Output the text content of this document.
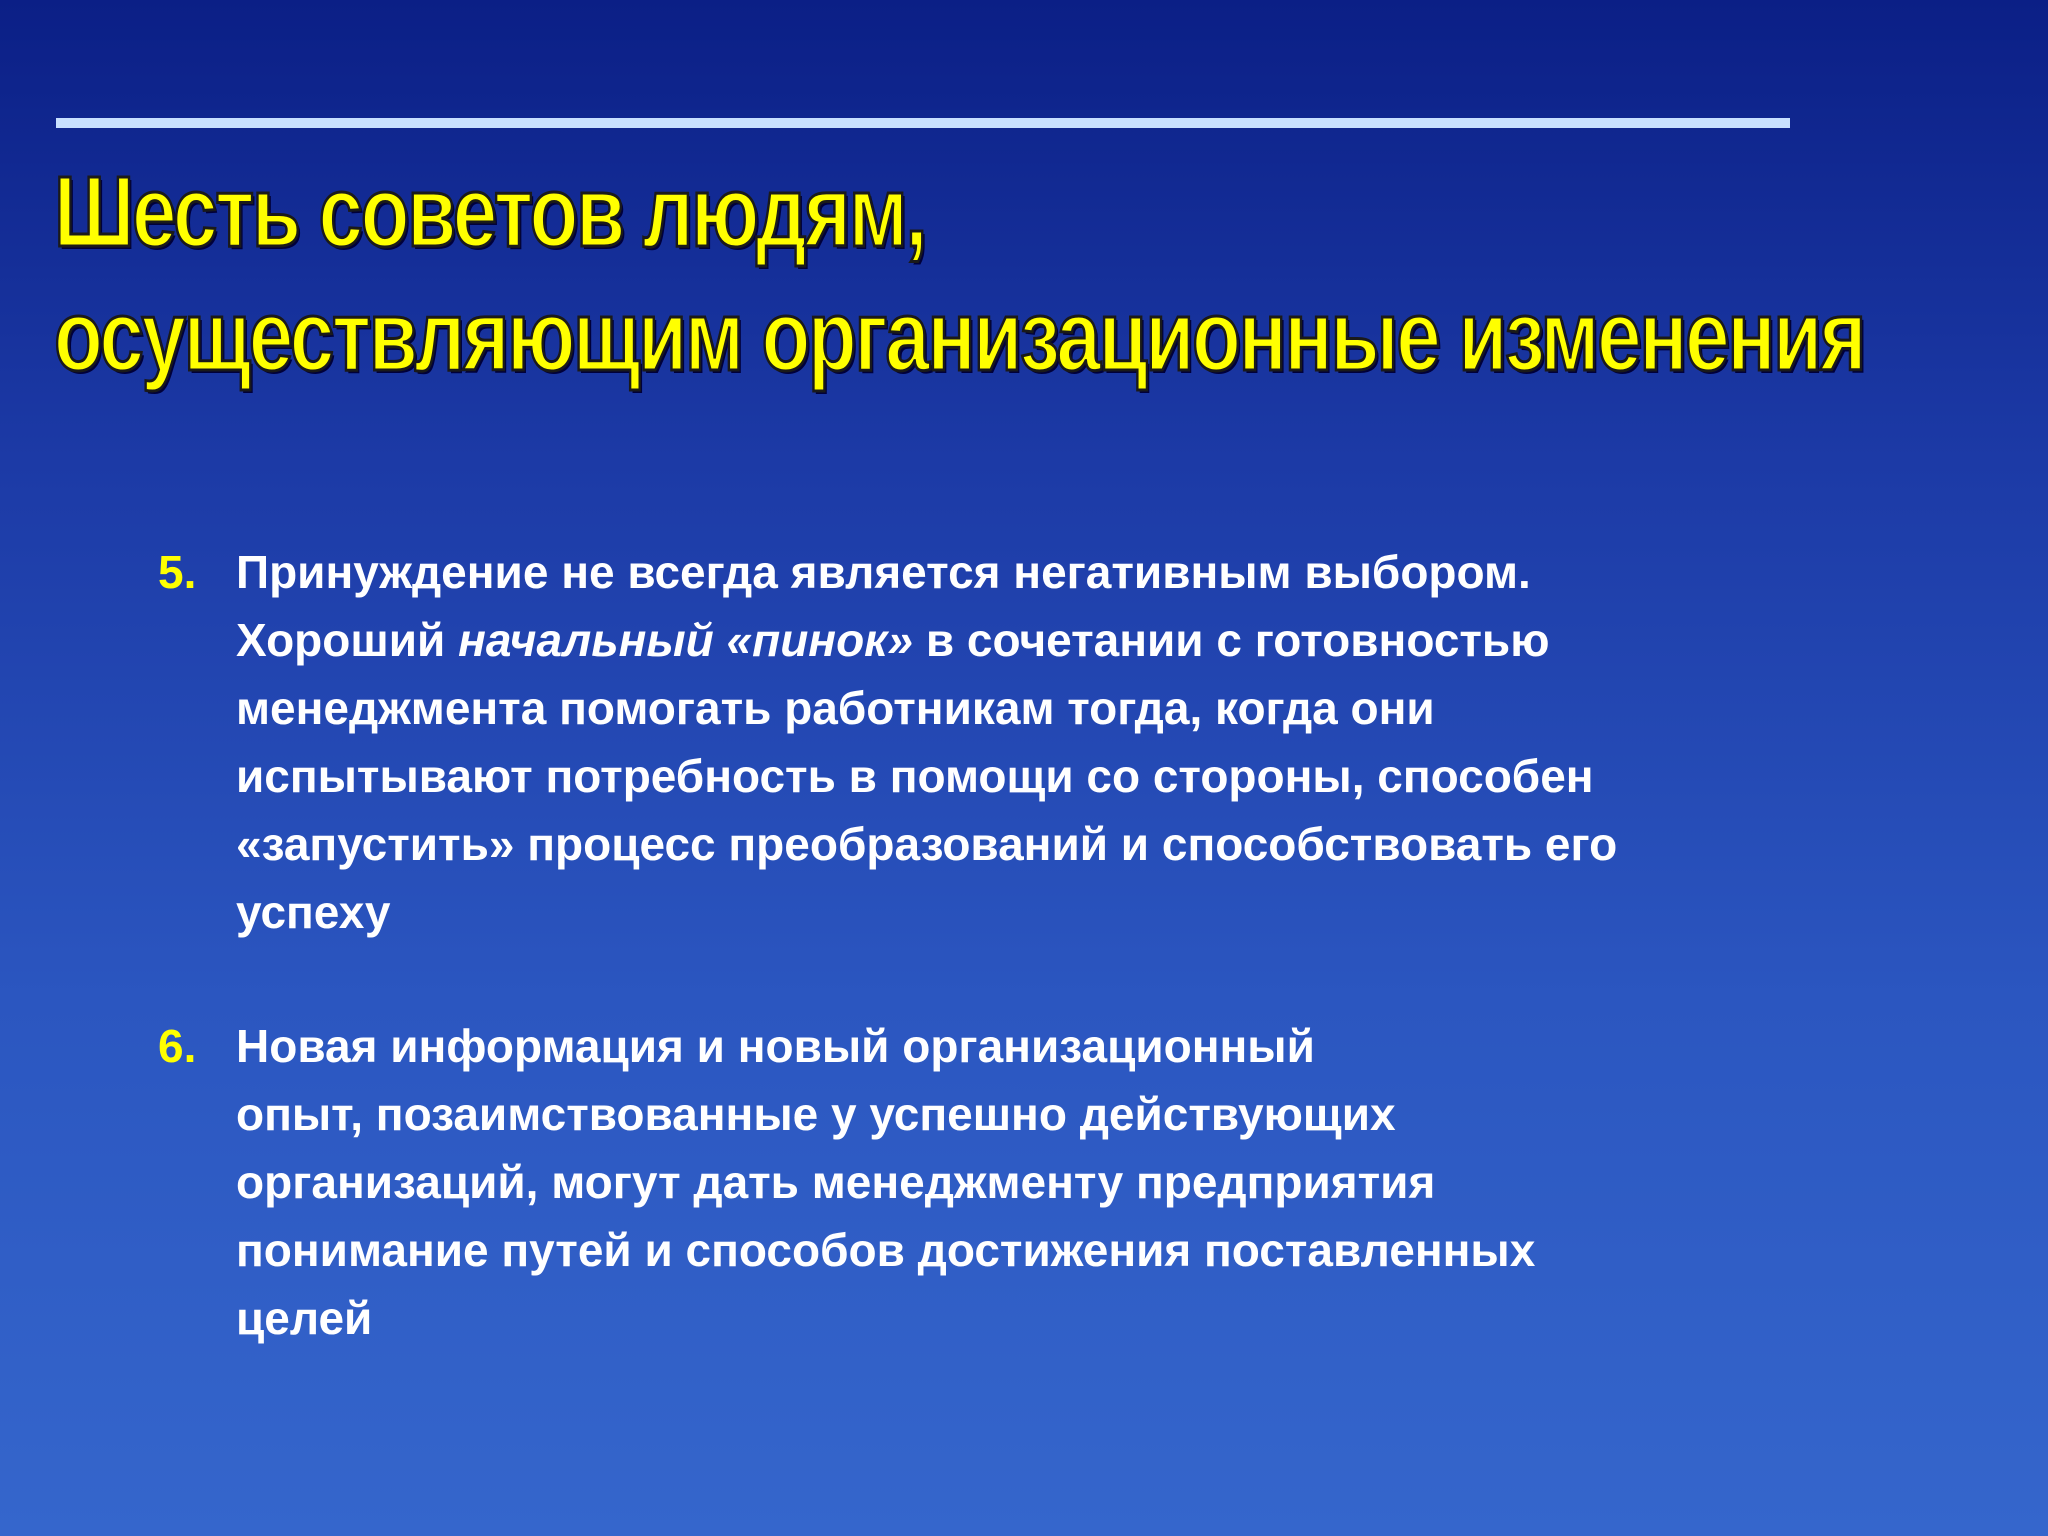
Шесть советов людям,
осуществляющим организационные изменения
5. Принуждение не всегда является негативным выбором.
Хороший начальный «пинок» в сочетании с готовностью
менеджмента помогать работникам тогда, когда они
испытывают потребность в помощи со стороны, способен
«запустить» процесс преобразований и способствовать его
успеху
6. Новая информация и новый организационный
опыт, позаимствованные у успешно действующих
организаций, могут дать менеджменту предприятия
понимание путей и способов достижения поставленных
целей
